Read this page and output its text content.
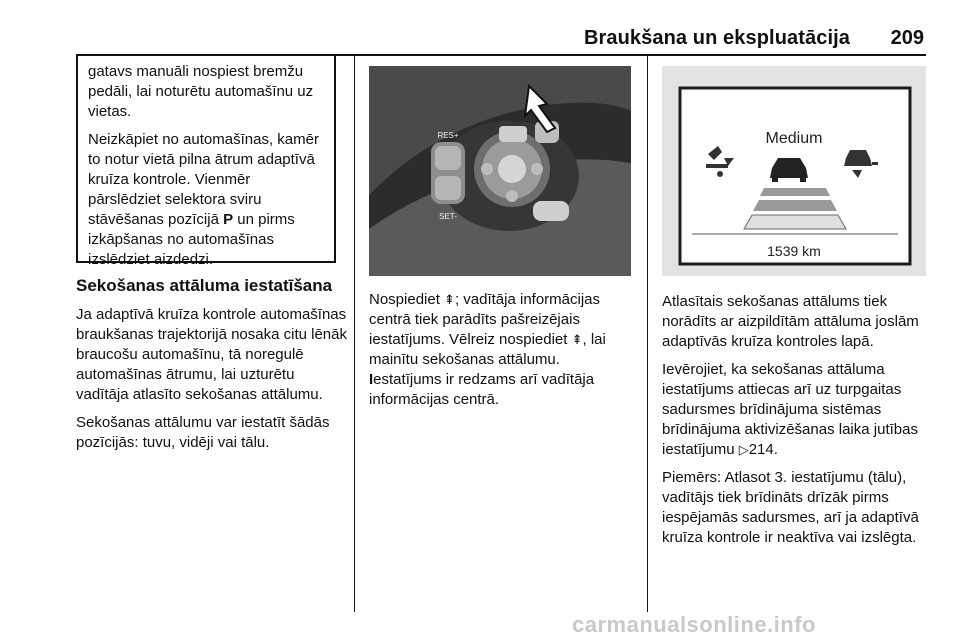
Braukšana un ekspluatācija	209

gatavs manuāli nospiest bremžu pedāli, lai noturētu automašīnu uz vietas.

Neizkāpiet no automašīnas, kamēr to notur vietā pilna ātrum adaptīvā kruīza kontrole. Vienmēr pārslēdziet selektora sviru stāvēšanas pozīcijā P un pirms izkāpšanas no automašīnas izslēdziet aizdedzi.

Sekošanas attāluma iestatīšana

Ja adaptīvā kruīza kontrole automašīnas braukšanas trajektorijā nosaka citu lēnāk braucošu automašīnu, tā noregulē automašīnas ātrumu, lai uzturētu vadītāja atlasīto sekošanas attālumu.

Sekošanas attālumu var iestatīt šādās pozīcijās: tuvu, vidēji vai tālu.

RES+
SET-

Nospiediet ⇞; vadītāja informācijas centrā tiek parādīts pašreizējais iestatījums. Vēlreiz nospiediet ⇞, lai mainītu sekošanas attālumu.

Iestatījums ir redzams arī vadītāja informācijas centrā.

Medium
1539 km

Atlasītais sekošanas attālums tiek norādīts ar aizpildītām attāluma joslām adaptīvās kruīza kontroles lapā.

Ievērojiet, ka sekošanas attāluma iestatījums attiecas arī uz turpgaitas sadursmes brīdinājuma sistēmas brīdinājuma aktivizēšanas laika jutības iestatījumu ▷214.

Piemērs: Atlasot 3. iestatījumu (tālu), vadītājs tiek brīdināts drīzāk pirms iespējamās sadursmes, arī ja adaptīvā kruīza kontrole ir neaktīva vai izslēgta.

carmanualsonline.info
